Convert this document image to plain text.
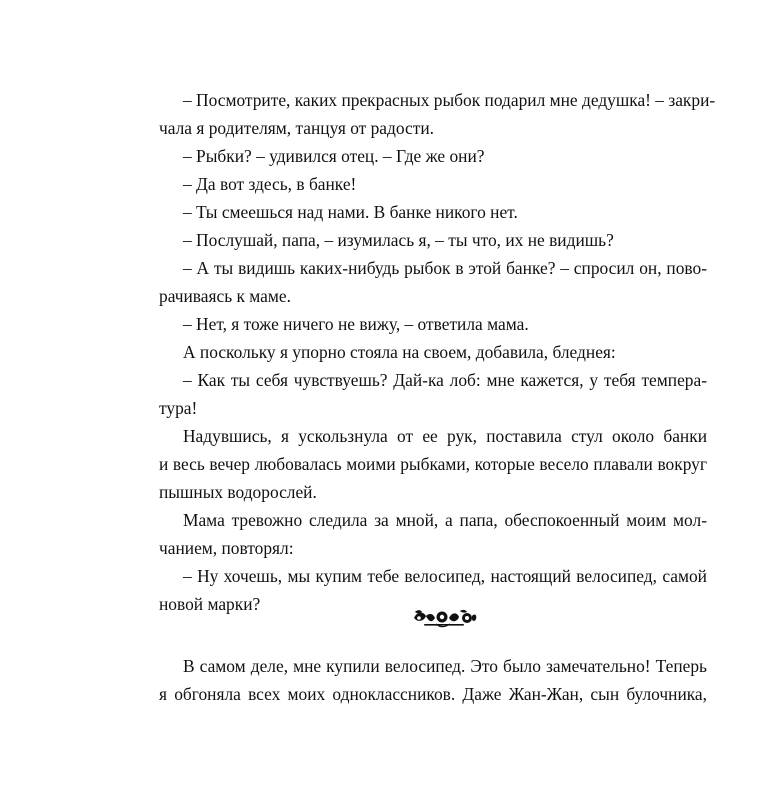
– Посмотрите, каких прекрасных рыбок подарил мне дедушка! – закри-
чала я родителям, танцуя от радости.
– Рыбки? – удивился отец. – Где же они?
– Да вот здесь, в банке!
– Ты смеешься над нами. В банке никого нет.
– Послушай, папа, – изумилась я, – ты что, их не видишь?
– А ты видишь каких-нибудь рыбок в этой банке? – спросил он, пово-
рачиваясь к маме.
– Нет, я тоже ничего не вижу, – ответила мама.
А поскольку я упорно стояла на своем, добавила, бледнея:
– Как ты себя чувствуешь? Дай-ка лоб: мне кажется, у тебя темпера-
тура!
Надувшись, я ускользнула от ее рук, поставила стул около банки
и весь вечер любовалась моими рыбками, которые весело плавали вокруг
пышных водорослей.
Мама тревожно следила за мной, а папа, обеспокоенный моим мол-
чанием, повторял:
– Ну хочешь, мы купим тебе велосипед, настоящий велосипед, самой
новой марки?
В самом деле, мне купили велосипед. Это было замечательно! Теперь
я обгоняла всех моих одноклассников. Даже Жан-Жан, сын булочника,
